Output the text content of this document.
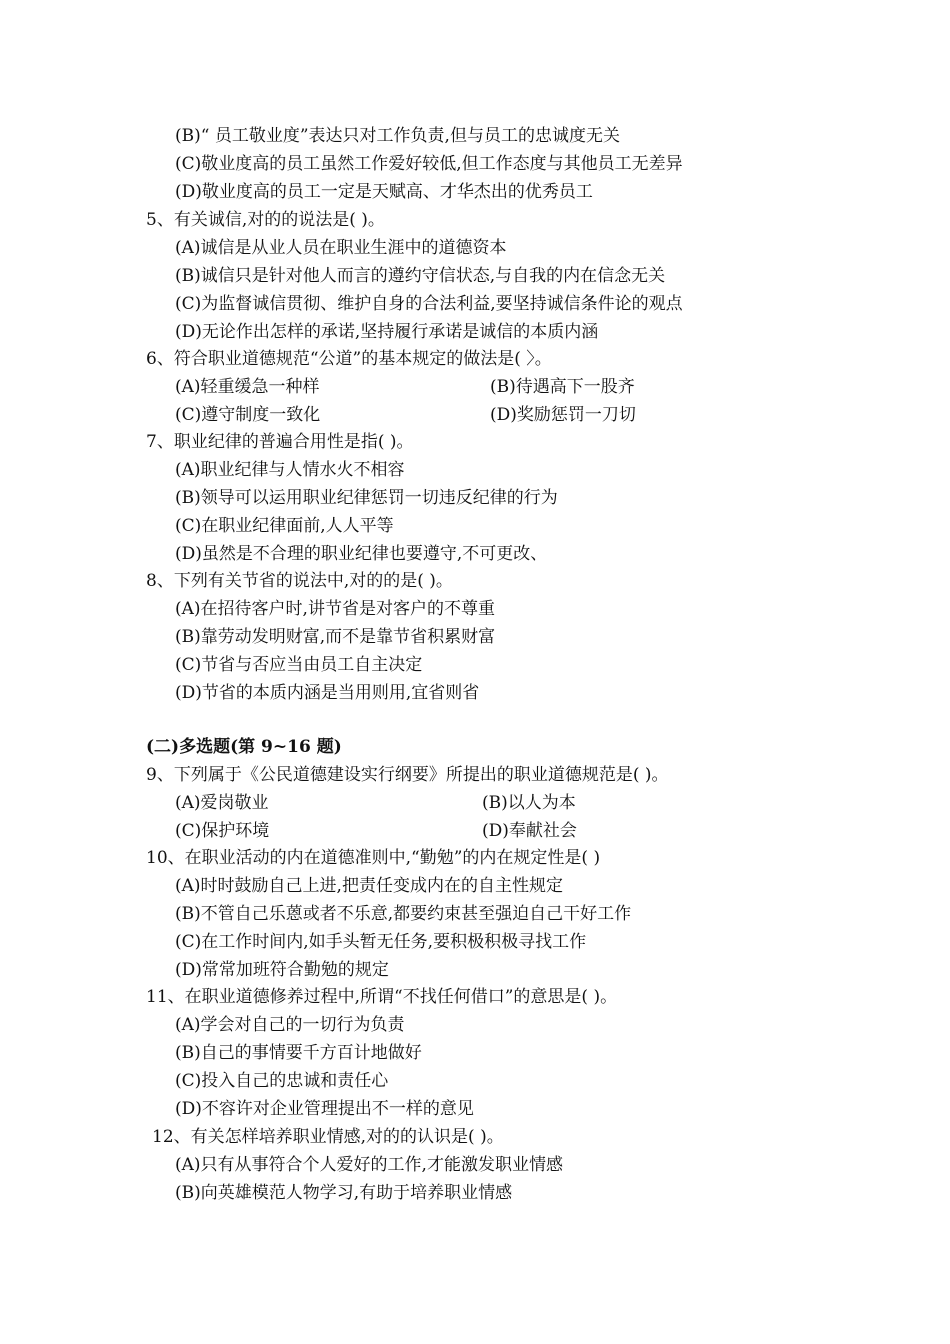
(B)“ 员工敬业度”表达只对工作负责,但与员工的忠诚度无关
(C)敬业度高的员工虽然工作爱好较低,但工作态度与其他员工无差异
(D)敬业度高的员工一定是天赋高、才华杰出的优秀员工
5、有关诚信,对的的说法是( )。
(A)诚信是从业人员在职业生涯中的道德资本
(B)诚信只是针对他人而言的遵约守信状态,与自我的内在信念无关
(C)为监督诚信贯彻、维护自身的合法利益,要坚持诚信条件论的观点
(D)无论作出怎样的承诺,坚持履行承诺是诚信的本质内涵
6、符合职业道德规范“公道”的基本规定的做法是( 〉。
(A)轻重缓急一种样	(B)待遇高下一股齐
(C)遵守制度一致化	(D)奖励惩罚一刀切
7、职业纪律的普遍合用性是指( )。
(A)职业纪律与人情水火不相容
(B)领导可以运用职业纪律惩罚一切违反纪律的行为
(C)在职业纪律面前,人人平等
(D)虽然是不合理的职业纪律也要遵守,不可更改、
8、下列有关节省的说法中,对的的是( )。
(A)在招待客户时,讲节省是对客户的不尊重
(B)靠劳动发明财富,而不是靠节省积累财富
(C)节省与否应当由员工自主决定
(D)节省的本质内涵是当用则用,宜省则省
(二)多选题(第 9~16 题)
9、下列属于《公民道德建设实行纲要》所提出的职业道德规范是( )。
(A)爱岗敬业	(B)以人为本
(C)保护环境	(D)奉献社会
10、在职业活动的内在道德准则中,“勤勉”的内在规定性是( )
(A)时时鼓励自己上进,把责任变成内在的自主性规定
(B)不管自己乐蒽或者不乐意,都要约束甚至强迫自己干好工作
(C)在工作时间内,如手头暂无任务,要积极积极寻找工作
(D)常常加班符合勤勉的规定
11、在职业道德修养过程中,所谓“不找任何借口”的意思是( )。
(A)学会对自己的一切行为负责
(B)自己的事情要千方百计地做好
(C)投入自己的忠诚和责任心
(D)不容许对企业管理提出不一样的意见
12、有关怎样培养职业情感,对的的认识是( )。
(A)只有从事符合个人爱好的工作,才能激发职业情感
(B)向英雄模范人物学习,有助于培养职业情感
